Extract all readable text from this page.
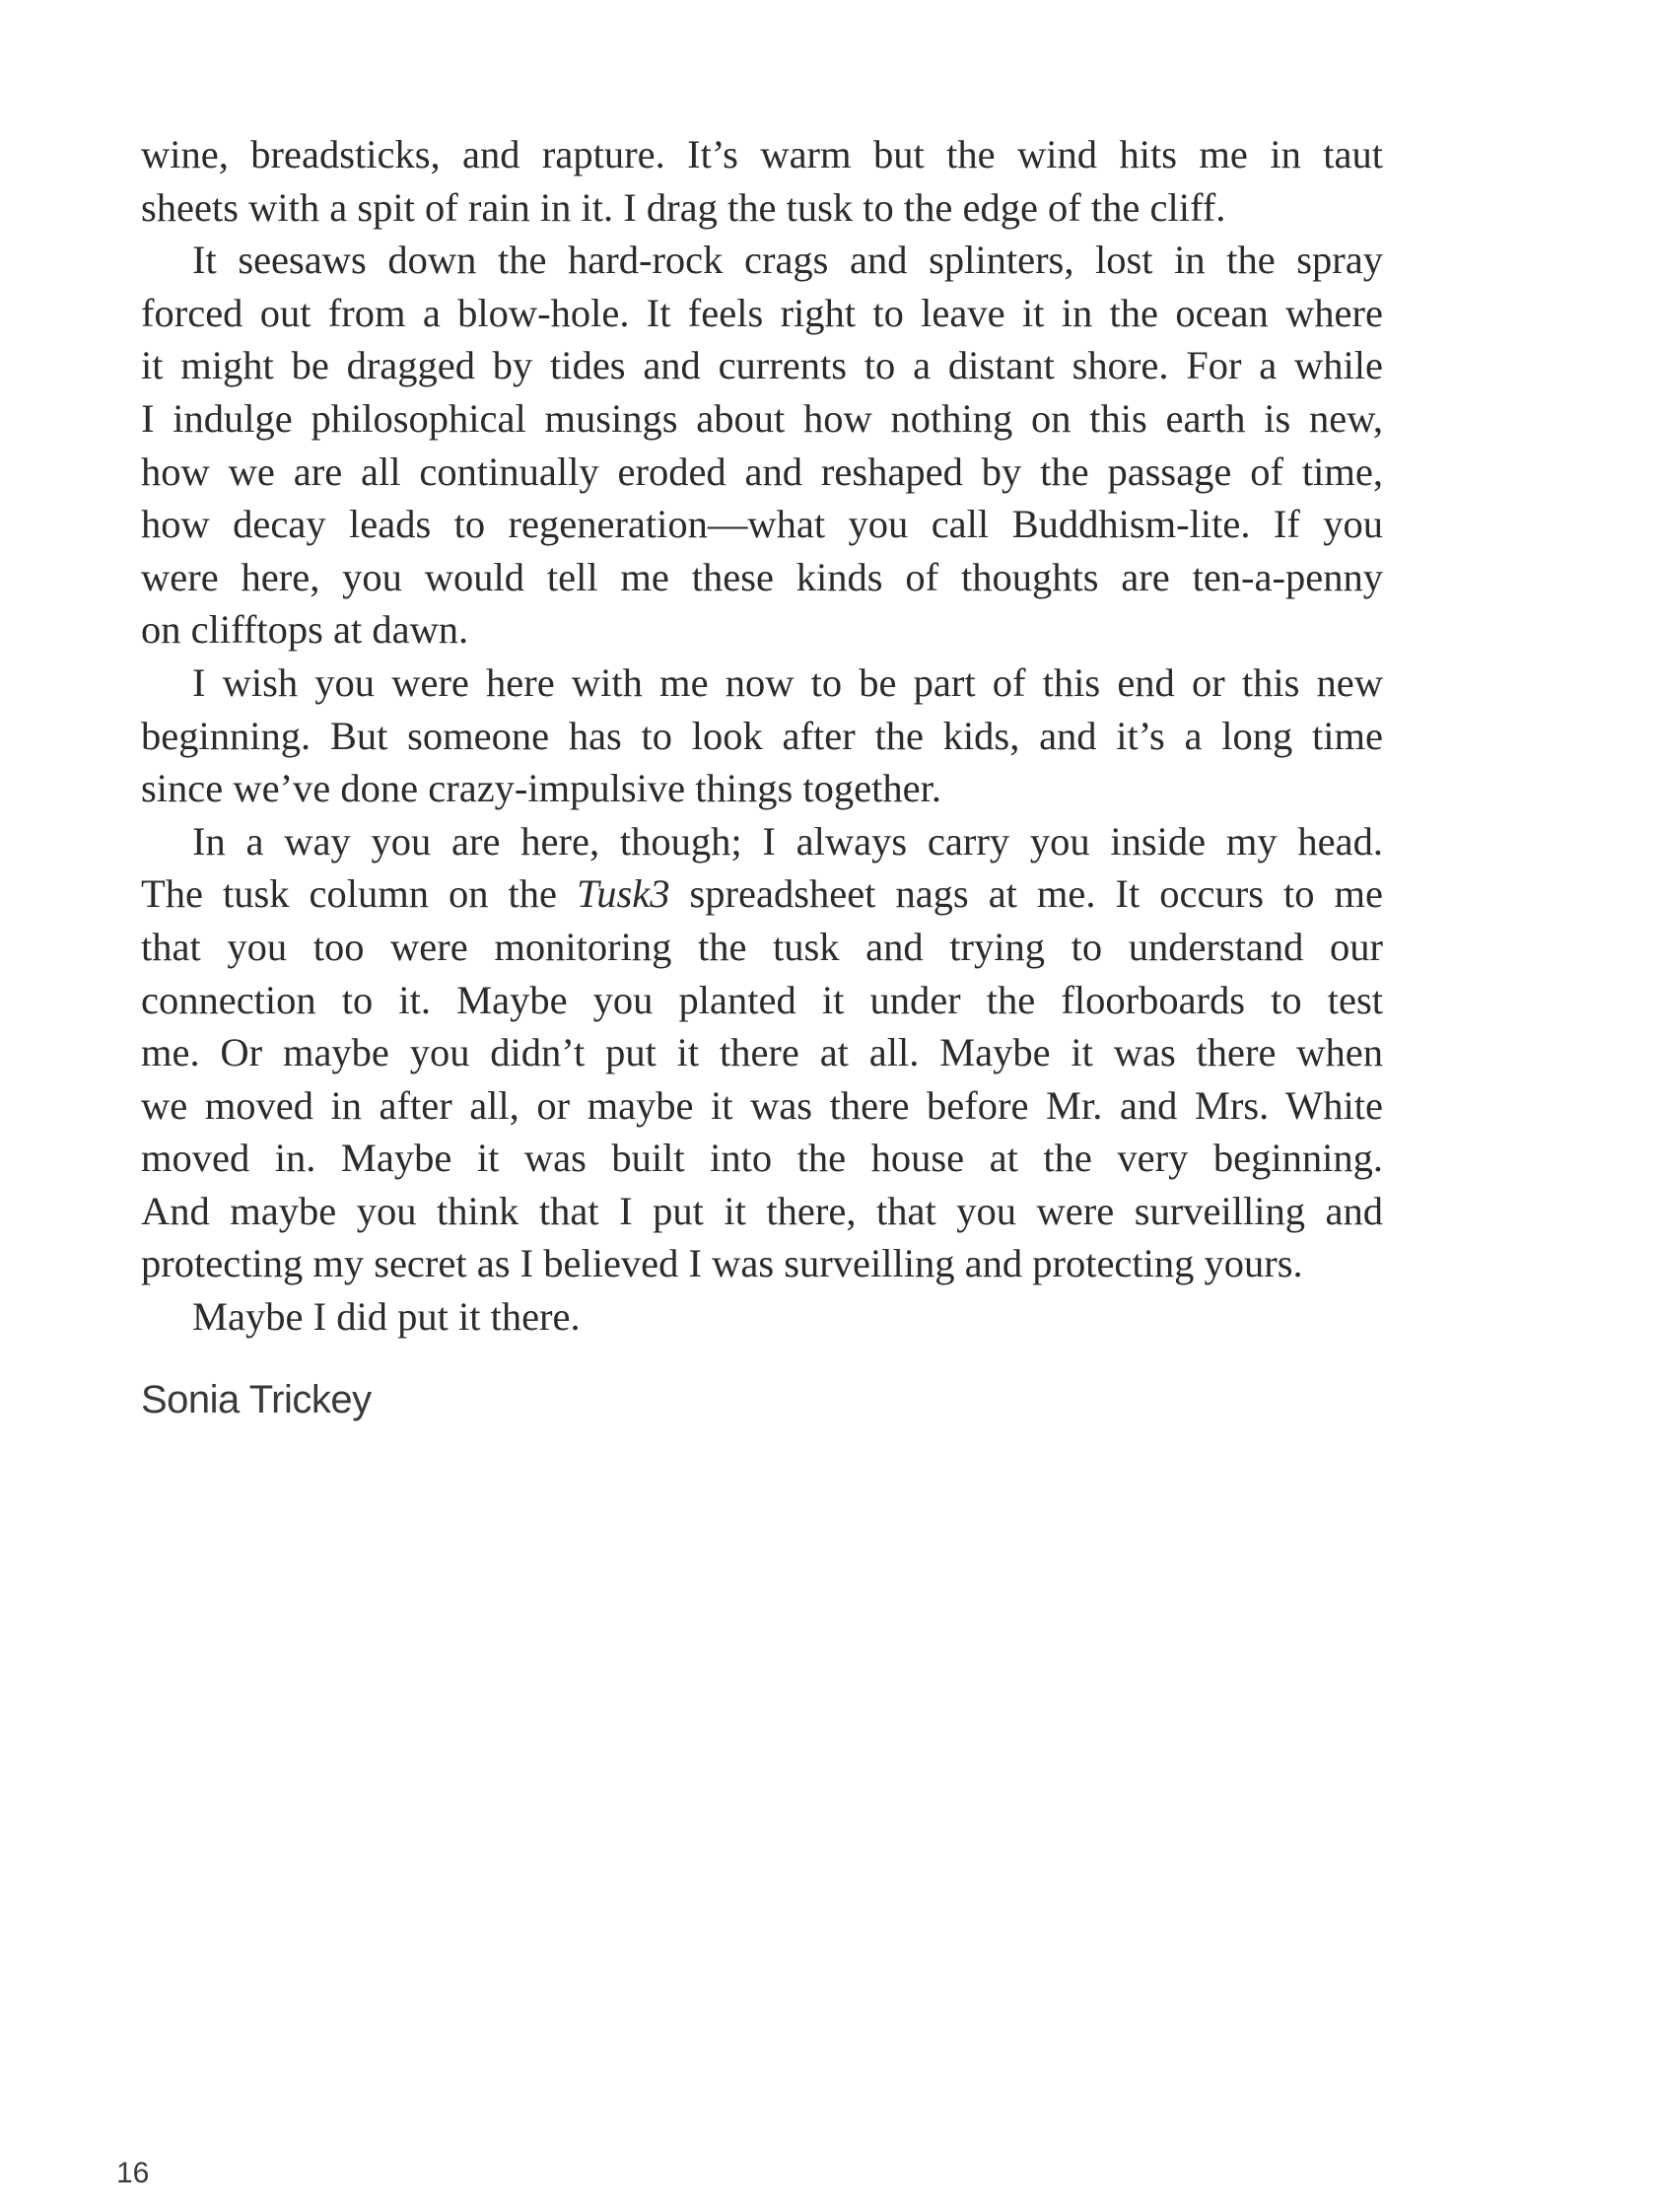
wine, breadsticks, and rapture. It’s warm but the wind hits me in taut
sheets with a spit of rain in it. I drag the tusk to the edge of the cliff.
It seesaws down the hard-rock crags and splinters, lost in the spray
forced out from a blow-hole. It feels right to leave it in the ocean where
it might be dragged by tides and currents to a distant shore. For a while
I indulge philosophical musings about how nothing on this earth is new,
how we are all continually eroded and reshaped by the passage of time,
how decay leads to regeneration—what you call Buddhism-lite. If you
were here, you would tell me these kinds of thoughts are ten-a-penny
on clifftops at dawn.
I wish you were here with me now to be part of this end or this new
beginning. But someone has to look after the kids, and it’s a long time
since we’ve done crazy-impulsive things together.
In a way you are here, though; I always carry you inside my head.
The tusk column on the Tusk3 spreadsheet nags at me. It occurs to me
that you too were monitoring the tusk and trying to understand our
connection to it. Maybe you planted it under the floorboards to test
me. Or maybe you didn’t put it there at all. Maybe it was there when
we moved in after all, or maybe it was there before Mr. and Mrs. White
moved in. Maybe it was built into the house at the very beginning.
And maybe you think that I put it there, that you were surveilling and
protecting my secret as I believed I was surveilling and protecting yours.
Maybe I did put it there.
Sonia Trickey
16
